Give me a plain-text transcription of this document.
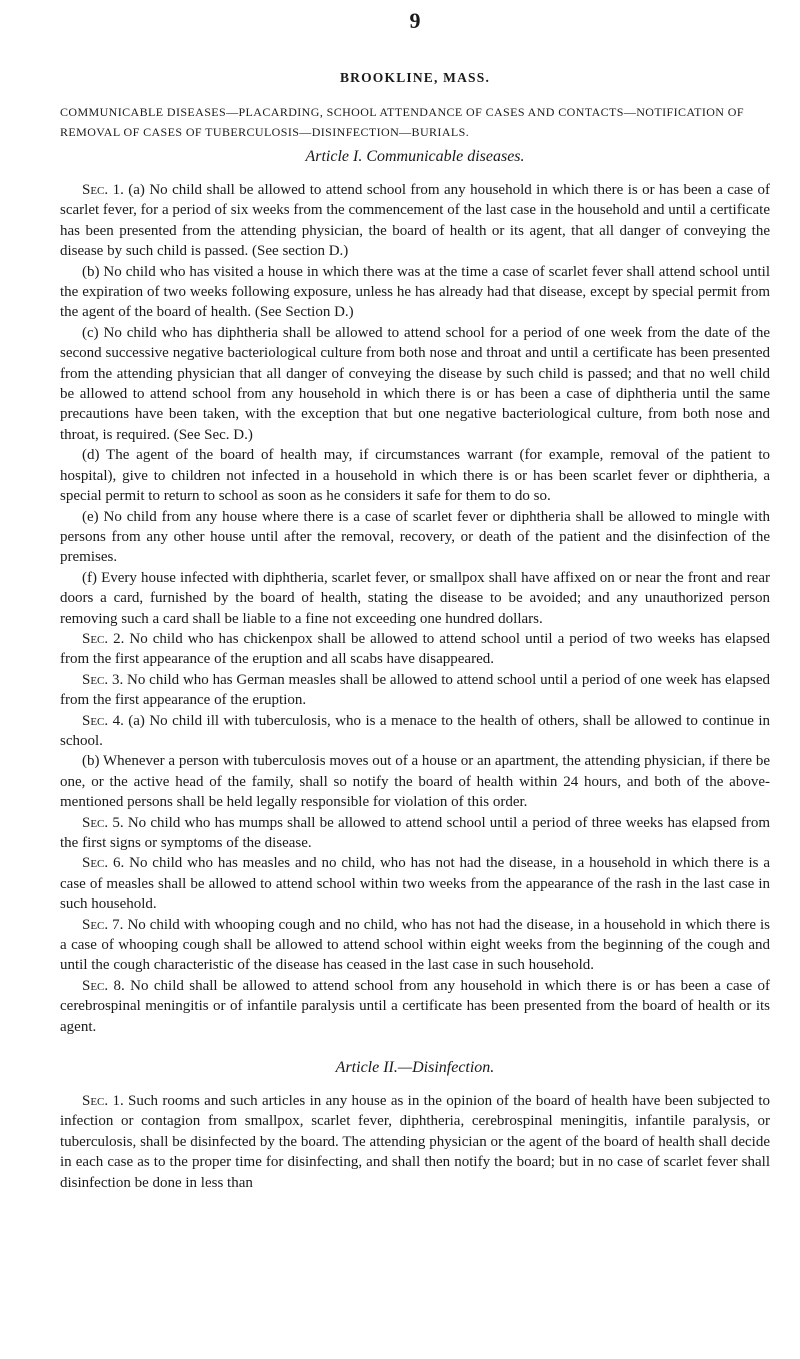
9
BROOKLINE, MASS.
COMMUNICABLE DISEASES—PLACARDING, SCHOOL ATTENDANCE OF CASES AND CONTACTS—NOTIFICATION OF REMOVAL OF CASES OF TUBERCULOSIS—DISINFECTION—BURIALS.
Article I. Communicable diseases.

Sec. 1. (a) No child shall be allowed to attend school from any household in which there is or has been a case of scarlet fever, for a period of six weeks from the commencement of the last case in the household and until a certificate has been presented from the attending physician, the board of health or its agent, that all danger of conveying the disease by such child is passed. (See section D.)

(b) No child who has visited a house in which there was at the time a case of scarlet fever shall attend school until the expiration of two weeks following exposure, unless he has already had that disease, except by special permit from the agent of the board of health. (See Section D.)

(c) No child who has diphtheria shall be allowed to attend school for a period of one week from the date of the second successive negative bacteriological culture from both nose and throat and until a certificate has been presented from the attending physician that all danger of conveying the disease by such child is passed; and that no well child be allowed to attend school from any household in which there is or has been a case of diphtheria until the same precautions have been taken, with the exception that but one negative bacteriological culture, from both nose and throat, is required. (See Sec. D.)

(d) The agent of the board of health may, if circumstances warrant (for example, removal of the patient to hospital), give to children not infected in a household in which there is or has been scarlet fever or diphtheria, a special permit to return to school as soon as he considers it safe for them to do so.

(e) No child from any house where there is a case of scarlet fever or diphtheria shall be allowed to mingle with persons from any other house until after the removal, recovery, or death of the patient and the disinfection of the premises.

(f) Every house infected with diphtheria, scarlet fever, or smallpox shall have affixed on or near the front and rear doors a card, furnished by the board of health, stating the disease to be avoided; and any unauthorized person removing such a card shall be liable to a fine not exceeding one hundred dollars.

Sec. 2. No child who has chickenpox shall be allowed to attend school until a period of two weeks has elapsed from the first appearance of the eruption and all scabs have disappeared.

Sec. 3. No child who has German measles shall be allowed to attend school until a period of one week has elapsed from the first appearance of the eruption.

Sec. 4. (a) No child ill with tuberculosis, who is a menace to the health of others, shall be allowed to continue in school.

(b) Whenever a person with tuberculosis moves out of a house or an apartment, the attending physician, if there be one, or the active head of the family, shall so notify the board of health within 24 hours, and both of the above-mentioned persons shall be held legally responsible for violation of this order.

Sec. 5. No child who has mumps shall be allowed to attend school until a period of three weeks has elapsed from the first signs or symptoms of the disease.

Sec. 6. No child who has measles and no child, who has not had the disease, in a household in which there is a case of measles shall be allowed to attend school within two weeks from the appearance of the rash in the last case in such household.

Sec. 7. No child with whooping cough and no child, who has not had the disease, in a household in which there is a case of whooping cough shall be allowed to attend school within eight weeks from the beginning of the cough and until the cough characteristic of the disease has ceased in the last case in such household.

Sec. 8. No child shall be allowed to attend school from any household in which there is or has been a case of cerebrospinal meningitis or of infantile paralysis until a certificate has been presented from the board of health or its agent.

Article II.—Disinfection.

Sec. 1. Such rooms and such articles in any house as in the opinion of the board of health have been subjected to infection or contagion from smallpox, scarlet fever, diphtheria, cerebrospinal meningitis, infantile paralysis, or tuberculosis, shall be disinfected by the board. The attending physician or the agent of the board of health shall decide in each case as to the proper time for disinfecting, and shall then notify the board; but in no case of scarlet fever shall disinfection be done in less than
